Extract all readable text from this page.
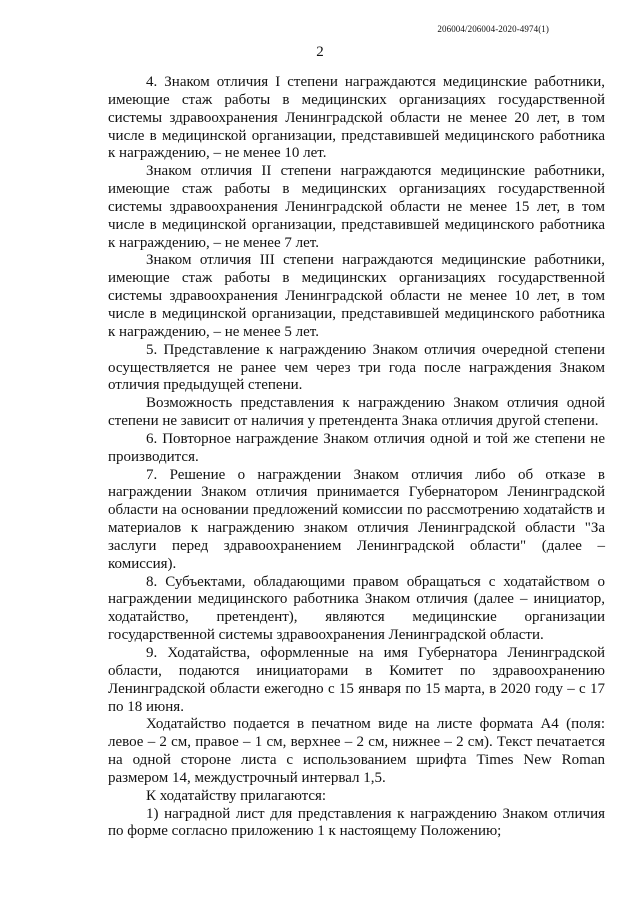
206004/206004-2020-4974(1)
2

4. Знаком отличия I степени награждаются медицинские работники, имеющие стаж работы в медицинских организациях государственной системы здравоохранения Ленинградской области не менее 20 лет, в том числе в медицинской организации, представившей медицинского работника к награждению, – не менее 10 лет.

Знаком отличия II степени награждаются медицинские работники, имеющие стаж работы в медицинских организациях государственной системы здравоохранения Ленинградской области не менее 15 лет, в том числе в медицинской организации, представившей медицинского работника к награждению, – не менее 7 лет.

Знаком отличия III степени награждаются медицинские работники, имеющие стаж работы в медицинских организациях государственной системы здравоохранения Ленинградской области не менее 10 лет, в том числе в медицинской организации, представившей медицинского работника к награждению, – не менее 5 лет.

5. Представление к награждению Знаком отличия очередной степени осуществляется не ранее чем через три года после награждения Знаком отличия предыдущей степени.

Возможность представления к награждению Знаком отличия одной степени не зависит от наличия у претендента Знака отличия другой степени.

6. Повторное награждение Знаком отличия одной и той же степени не производится.

7. Решение о награждении Знаком отличия либо об отказе в награждении Знаком отличия принимается Губернатором Ленинградской области на основании предложений комиссии по рассмотрению ходатайств и материалов к награждению знаком отличия Ленинградской области "За заслуги перед здравоохранением Ленинградской области" (далее – комиссия).

8. Субъектами, обладающими правом обращаться с ходатайством о награждении медицинского работника Знаком отличия (далее – инициатор, ходатайство, претендент), являются медицинские организации государственной системы здравоохранения Ленинградской области.

9. Ходатайства, оформленные на имя Губернатора Ленинградской области, подаются инициаторами в Комитет по здравоохранению Ленинградской области ежегодно с 15 января по 15 марта, в 2020 году – с 17 по 18 июня.

Ходатайство подается в печатном виде на листе формата А4 (поля: левое – 2 см, правое – 1 см, верхнее – 2 см, нижнее – 2 см). Текст печатается на одной стороне листа с использованием шрифта Times New Roman размером 14, междустрочный интервал 1,5.

К ходатайству прилагаются:

1) наградной лист для представления к награждению Знаком отличия по форме согласно приложению 1 к настоящему Положению;
